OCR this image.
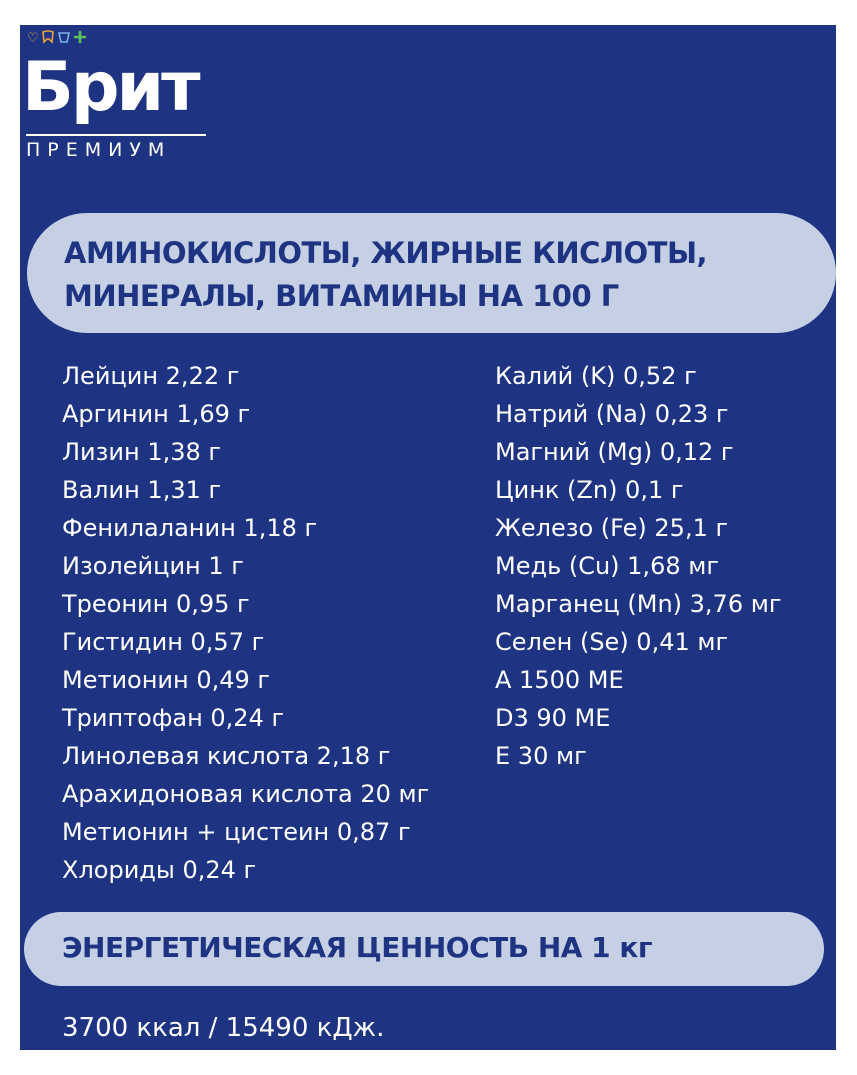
♡
Брит
ПРЕМИУМ
АМИНОКИСЛОТЫ, ЖИРНЫЕ КИСЛОТЫ,
МИНЕРАЛЫ, ВИТАМИНЫ НА 100 Г
Лейцин 2,22 г
Аргинин 1,69 г
Лизин 1,38 г
Валин 1,31 г
Фенилаланин 1,18 г
Изолейцин 1 г
Треонин 0,95 г
Гистидин 0,57 г
Метионин 0,49 г
Триптофан 0,24 г
Линолевая кислота 2,18 г
Арахидоновая кислота 20 мг
Метионин + цистеин 0,87 г
Хлориды 0,24 г
Калий (K) 0,52 г
Натрий (Na) 0,23 г
Магний (Mg) 0,12 г
Цинк (Zn) 0,1 г
Железо (Fe) 25,1 г
Медь (Cu) 1,68 мг
Марганец (Mn) 3,76 мг
Селен (Se) 0,41 мг
A 1500 ME
D3 90 ME
E 30 мг
ЭНЕРГЕТИЧЕСКАЯ ЦЕННОСТЬ НА 1 кг
3700 ккал / 15490 кДж.
